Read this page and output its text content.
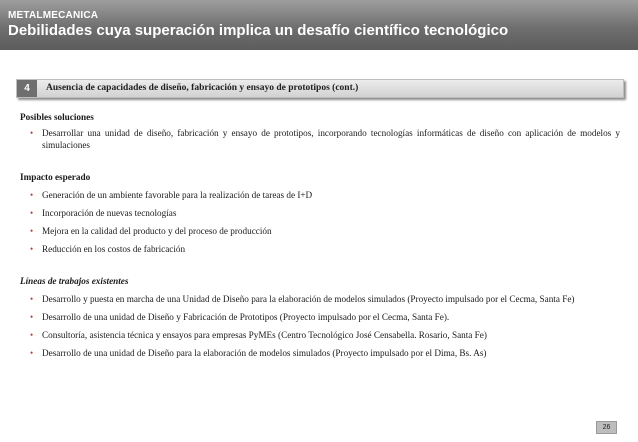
METALMECANICA
Debilidades cuya superación implica un desafío científico tecnológico
4	Ausencia de capacidades de diseño, fabricación y ensayo de prototipos (cont.)

Posibles soluciones

• Desarrollar una unidad de diseño, fabricación y ensayo de prototipos, incorporando tecnologías informáticas de diseño con aplicación de modelos y simulaciones

Impacto esperado

• Generación de un ambiente favorable para la realización de tareas de I+D
• Incorporación de nuevas tecnologías
• Mejora en la calidad del producto y del proceso de producción
• Reducción en los costos de fabricación

Líneas de trabajos existentes

• Desarrollo y puesta en marcha de una Unidad de Diseño para la elaboración de modelos simulados (Proyecto impulsado por el Cecma, Santa Fe)
• Desarrollo de una unidad de Diseño y Fabricación de Prototipos (Proyecto impulsado por el Cecma, Santa Fe).
• Consultoría, asistencia técnica y ensayos para empresas PyMEs (Centro Tecnológico José Censabella. Rosario, Santa Fe)
• Desarrollo de una unidad de Diseño para la elaboración de modelos simulados (Proyecto impulsado por el Dima, Bs. As)
26
